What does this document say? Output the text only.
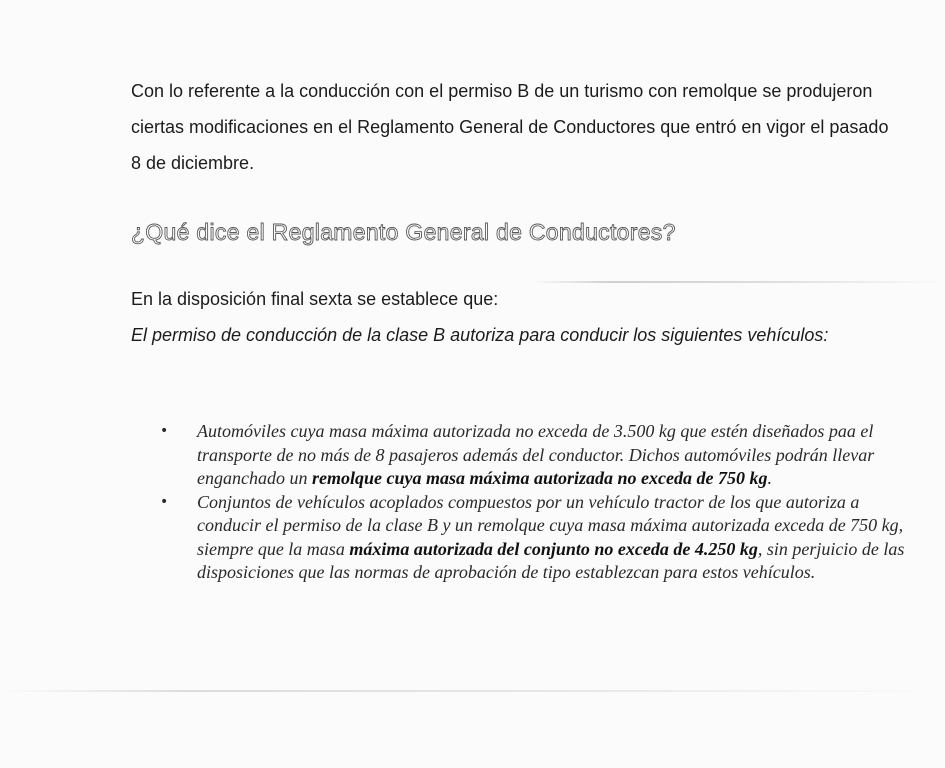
Con lo referente a la conducción con el permiso B de un turismo con remolque se produjeron ciertas modificaciones en el Reglamento General de Conductores que entró en vigor el pasado 8 de diciembre.

¿Qué dice el Reglamento General de Conductores?
En la disposición final sexta se establece que:
El permiso de conducción de la clase B autoriza para conducir los siguientes vehículos:
• Automóviles cuya masa máxima autorizada no exceda de 3.500 kg que estén diseñados paa el transporte de no más de 8 pasajeros además del conductor. Dichos automóviles podrán llevar enganchado un remolque cuya masa máxima autorizada no exceda de 750 kg.
• Conjuntos de vehículos acoplados compuestos por un vehículo tractor de los que autoriza a conducir el permiso de la clase B y un remolque cuya masa máxima autorizada exceda de 750 kg, siempre que la masa máxima autorizada del conjunto no exceda de 4.250 kg, sin perjuicio de las disposiciones que las normas de aprobación de tipo establezcan para estos vehículos.
